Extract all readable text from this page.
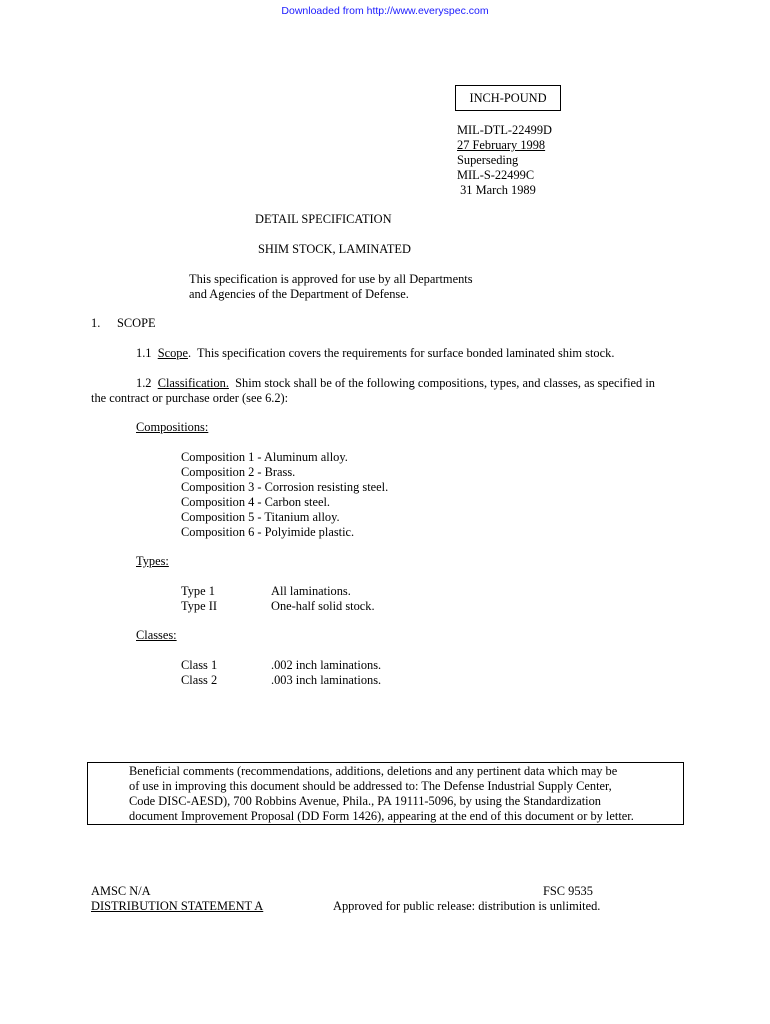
Downloaded from http://www.everyspec.com
INCH-POUND
MIL-DTL-22499D
27 February 1998
Superseding
MIL-S-22499C
31 March 1989
DETAIL SPECIFICATION
SHIM STOCK, LAMINATED
This specification is approved for use by all Departments
and Agencies of the Department of Defense.
1. SCOPE
1.1 Scope.  This specification covers the requirements for surface bonded laminated shim stock.
1.2 Classification.  Shim stock shall be of the following compositions, types, and classes, as specified in
the contract or purchase order (see 6.2):
Compositions:
Composition 1 - Aluminum alloy.
Composition 2 - Brass.
Composition 3 - Corrosion resisting steel.
Composition 4 - Carbon steel.
Composition 5 - Titanium alloy.
Composition 6 - Polyimide plastic.
Types:
Type 1	All laminations.
Type II	One-half solid stock.
Classes:
Class 1	.002 inch laminations.
Class 2	.003 inch laminations.
Beneficial comments (recommendations, additions, deletions and any pertinent data which may be
of use in improving this document should be addressed to: The Defense Industrial Supply Center,
Code DISC-AESD), 700 Robbins Avenue, Phila., PA 19111-5096, by using the Standardization
document Improvement Proposal (DD Form 1426), appearing at the end of this document or by letter.
AMSC N/A
DISTRIBUTION STATEMENT A
FSC 9535
Approved for public release: distribution is unlimited.
